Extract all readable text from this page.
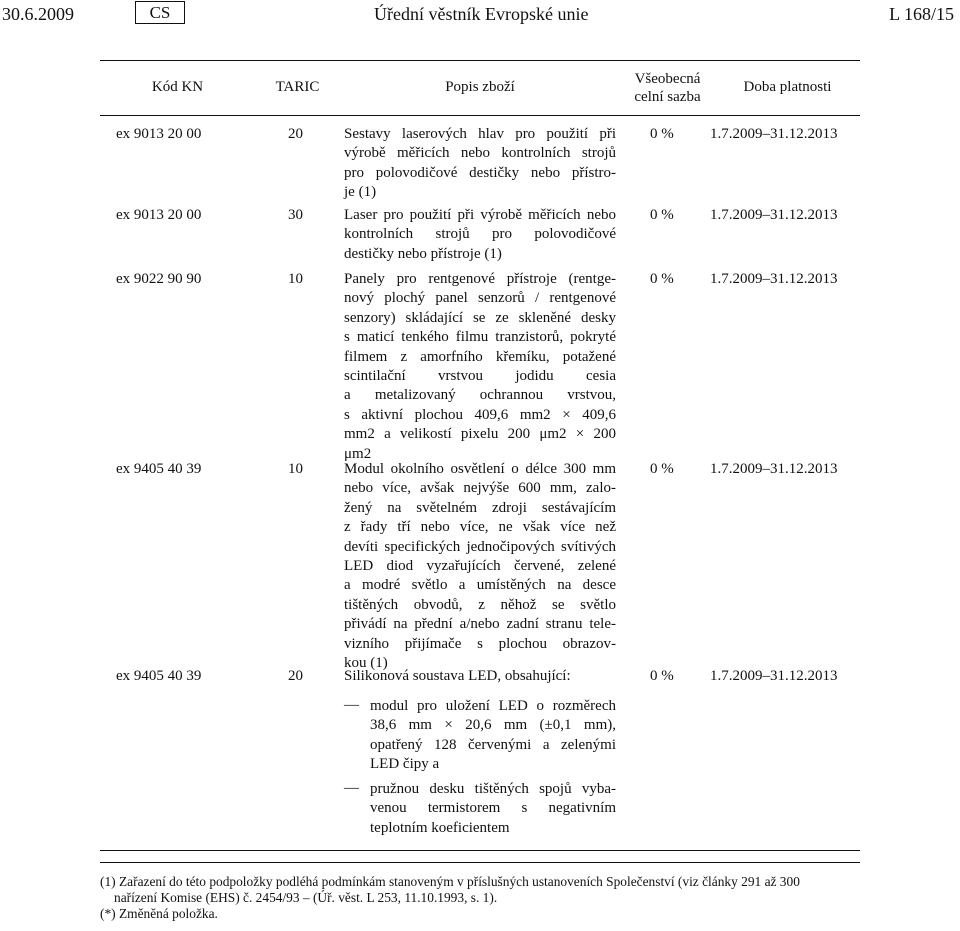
30.6.2009	CS	Úřední věstník Evropské unie	L 168/15
Kód KN	TARIC	Popis zboží	Všeobecná
celní sazba
Doba platnosti
ex 9013 20 00	20	Sestavy laserových hlav pro použití při
výrobě měřicích nebo kontrolních strojů
pro polovodičové destičky nebo přístro-
je (1)
0 % 1.7.2009–31.12.2013
ex 9013 20 00	30	Laser pro použití při výrobě měřicích nebo
kontrolních strojů pro polovodičové
destičky nebo přístroje (1)
0 % 1.7.2009–31.12.2013
ex 9022 90 90	10	Panely pro rentgenové přístroje (rentge-
nový plochý panel senzorů / rentgenové
senzory) skládající se ze skleněné desky
s maticí tenkého filmu tranzistorů, pokryté
filmem z amorfního křemíku, potažené
scintilační vrstvou jodidu cesia
a metalizovaný ochrannou vrstvou,
s aktivní plochou 409,6 mm2 × 409,6
mm2 a velikostí pixelu 200 μm2 × 200
μm2
0 % 1.7.2009–31.12.2013
ex 9405 40 39	10	Modul okolního osvětlení o délce 300 mm
nebo více, avšak nejvýše 600 mm, zalo-
žený na světelném zdroji sestávajícím
z řady tří nebo více, ne však více než
devíti specifických jednočipových svítivých
LED diod vyzařujících červené, zelené
a modré světlo a umístěných na desce
tištěných obvodů, z něhož se světlo
přivádí na přední a/nebo zadní stranu tele-
vizního přijímače s plochou obrazov-
kou (1)
0 % 1.7.2009–31.12.2013
ex 9405 40 39	20	Silikonová soustava LED, obsahující:
— modul pro uložení LED o rozměrech
38,6 mm × 20,6 mm (±0,1 mm),
opatřený 128 červenými a zelenými
LED čipy a
— pružnou desku tištěných spojů vyba-
venou termistorem s negativním
teplotním koeficientem
0 % 1.7.2009–31.12.2013
(1) Zařazení do této podpoložky podléhá podmínkám stanoveným v příslušných ustanoveních Společenství (viz články 291 až 300
nařízení Komise (EHS) č. 2454/93 – (Úř. věst. L 253, 11.10.1993, s. 1).
(*) Změněná položka.
